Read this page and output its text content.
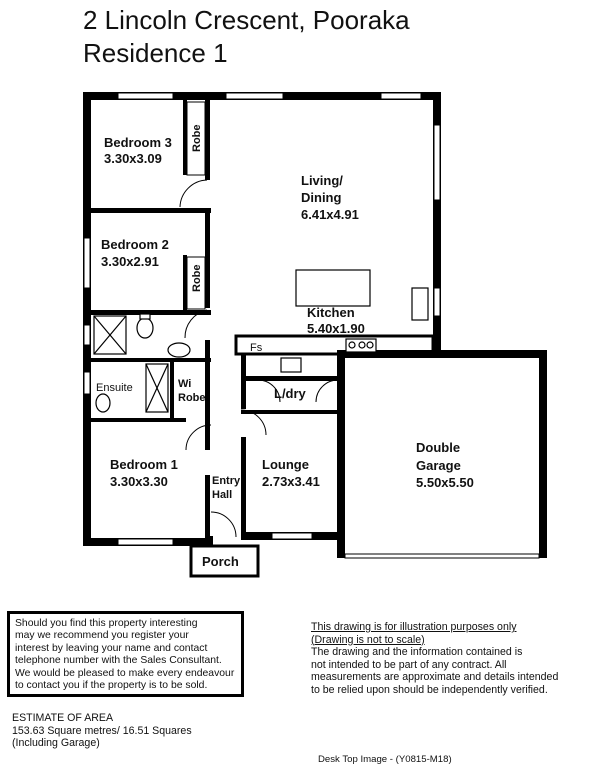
2 Lincoln Crescent, Pooraka
Residence 1
Bedroom 3
3.30x3.09
Robe
Bedroom 2
3.30x2.91
Robe
Living/
Dining
6.41x4.91
Kitchen
5.40x1.90
Fs
Ensuite	Wi
Robe	L/dry
Bedroom 1
3.30x3.30	Entry
Hall
Lounge
2.73x3.41
Double
Garage
5.50x5.50
Porch
Should you find this property interesting
may we recommend you register your
interest by leaving your name and contact
telephone number with the Sales Consultant.
We would be pleased to make every endeavour
to contact you if the property is to be sold.
This drawing is for illustration purposes only
(Drawing is not to scale)
The drawing and the information contained is
not intended to be part of any contract. All
measurements are approximate and details intended
to be relied upon should be independently verified.
ESTIMATE OF AREA
153.63 Square metres/ 16.51 Squares
(Including Garage)
Desk Top Image - (Y0815-M18)
